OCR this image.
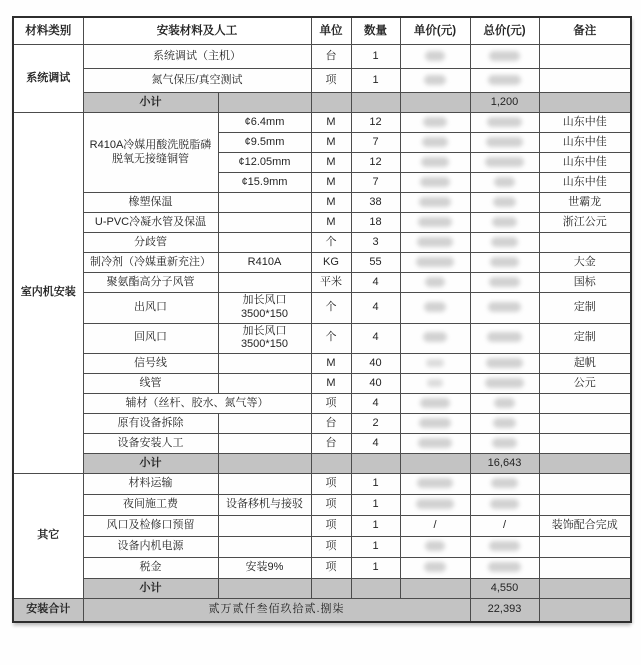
材料类别	安装材料及人工		单位	数量	单价(元)	总价(元)	备注
系统调试	系统调试（主机）		台	1			
	氮气保压/真空测试		项	1			
	小计					1,200	
室内机安装	R410A冷媒用酸洗脱脂磷脱氧无接缝铜管	¢6.4mm	M	12			山东中佳
		¢9.5mm	M	7			山东中佳
		¢12.05mm	M	12			山东中佳
		¢15.9mm	M	7			山东中佳
	橡塑保温		M	38			世霸龙
	U-PVC冷凝水管及保温		M	18			浙江公元
	分歧管		个	3			
	制冷剂（冷媒重新充注）	R410A	KG	55			大金
	聚氨酯高分子风管		平米	4			国标
	出风口	加长风口 3500*150	个	4			定制
	回风口	加长风口 3500*150	个	4			定制
	信号线		M	40			起帆
	线管		M	40			公元
	辅材（丝杆、胶水、氮气等）		项	4			
	原有设备拆除		台	2			
	设备安装人工		台	4			
	小计					16,643	
其它	材料运输		项	1			
	夜间施工费	设备移机与接驳	项	1			
	风口及检修口预留		项	1	/	/	装饰配合完成
	设备内机电源		项	1			
	税金	安装9%	项	1			
	小计					4,550	
安装合计	贰万贰仟叁佰玖拾贰.捌柒					22,393	
